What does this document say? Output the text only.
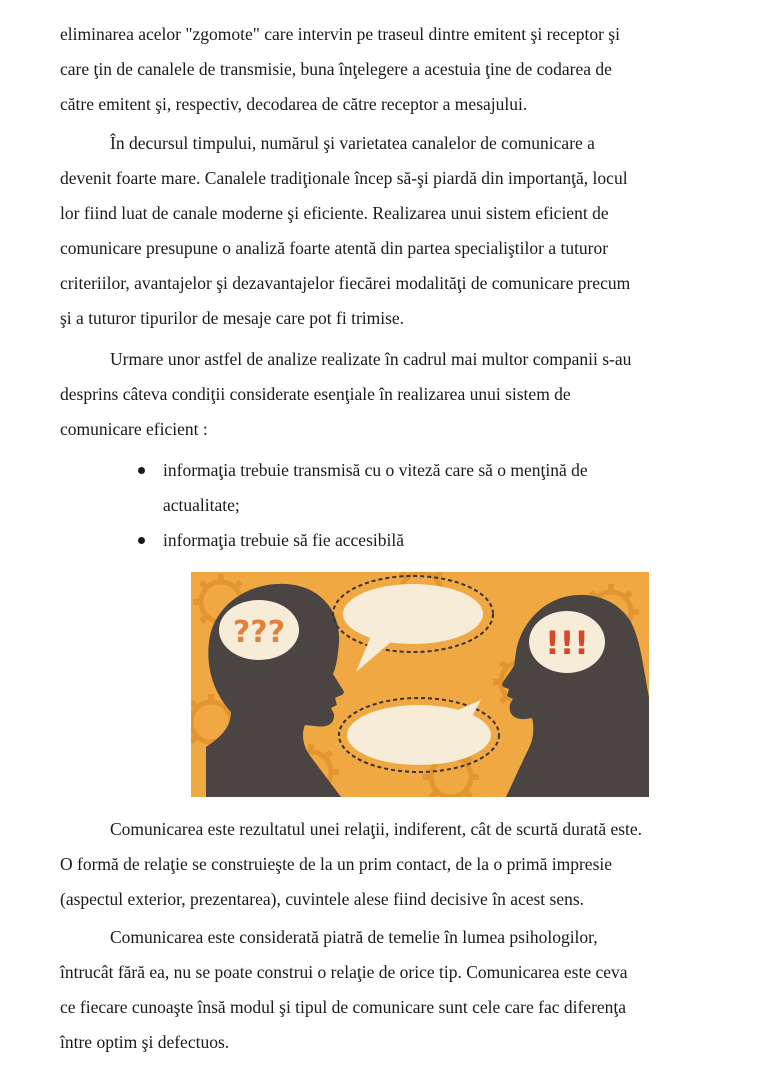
eliminarea acelor "zgomote" care intervin pe traseul dintre emitent şi receptor şi
care ţin de canalele de transmisie, buna înţelegere a acestuia ţine de codarea de
către emitent şi, respectiv, decodarea de către receptor a mesajului.

În decursul timpului, numărul şi varietatea canalelor de comunicare a
devenit foarte mare. Canalele tradiţionale încep să-şi piardă din importanţă, locul
lor fiind luat de canale moderne şi eficiente. Realizarea unui sistem eficient de
comunicare presupune o analiză foarte atentă din partea specialiştilor a tuturor
criteriilor, avantajelor şi dezavantajelor fiecărei modalităţi de comunicare precum
şi a tuturor tipurilor de mesaje care pot fi trimise.

Urmare unor astfel de analize realizate în cadrul mai multor companii s-au
desprins câteva condiţii considerate esenţiale în realizarea unui sistem de
comunicare eficient :

informaţia trebuie transmisă cu o viteză care să o menţină de
actualitate;
informaţia trebuie să fie accesibilă
???	!!!

Comunicarea este rezultatul unei relaţii, indiferent, cât de scurtă durată este.
O formă de relaţie se construieşte de la un prim contact, de la o primă impresie
(aspectul exterior, prezentarea), cuvintele alese fiind decisive în acest sens.

Comunicarea este considerată piatră de temelie în lumea psihologilor,
întrucât fără ea, nu se poate construi o relaţie de orice tip. Comunicarea este ceva
ce fiecare cunoaşte însă modul şi tipul de comunicare sunt cele care fac diferenţa
între optim şi defectuos.
